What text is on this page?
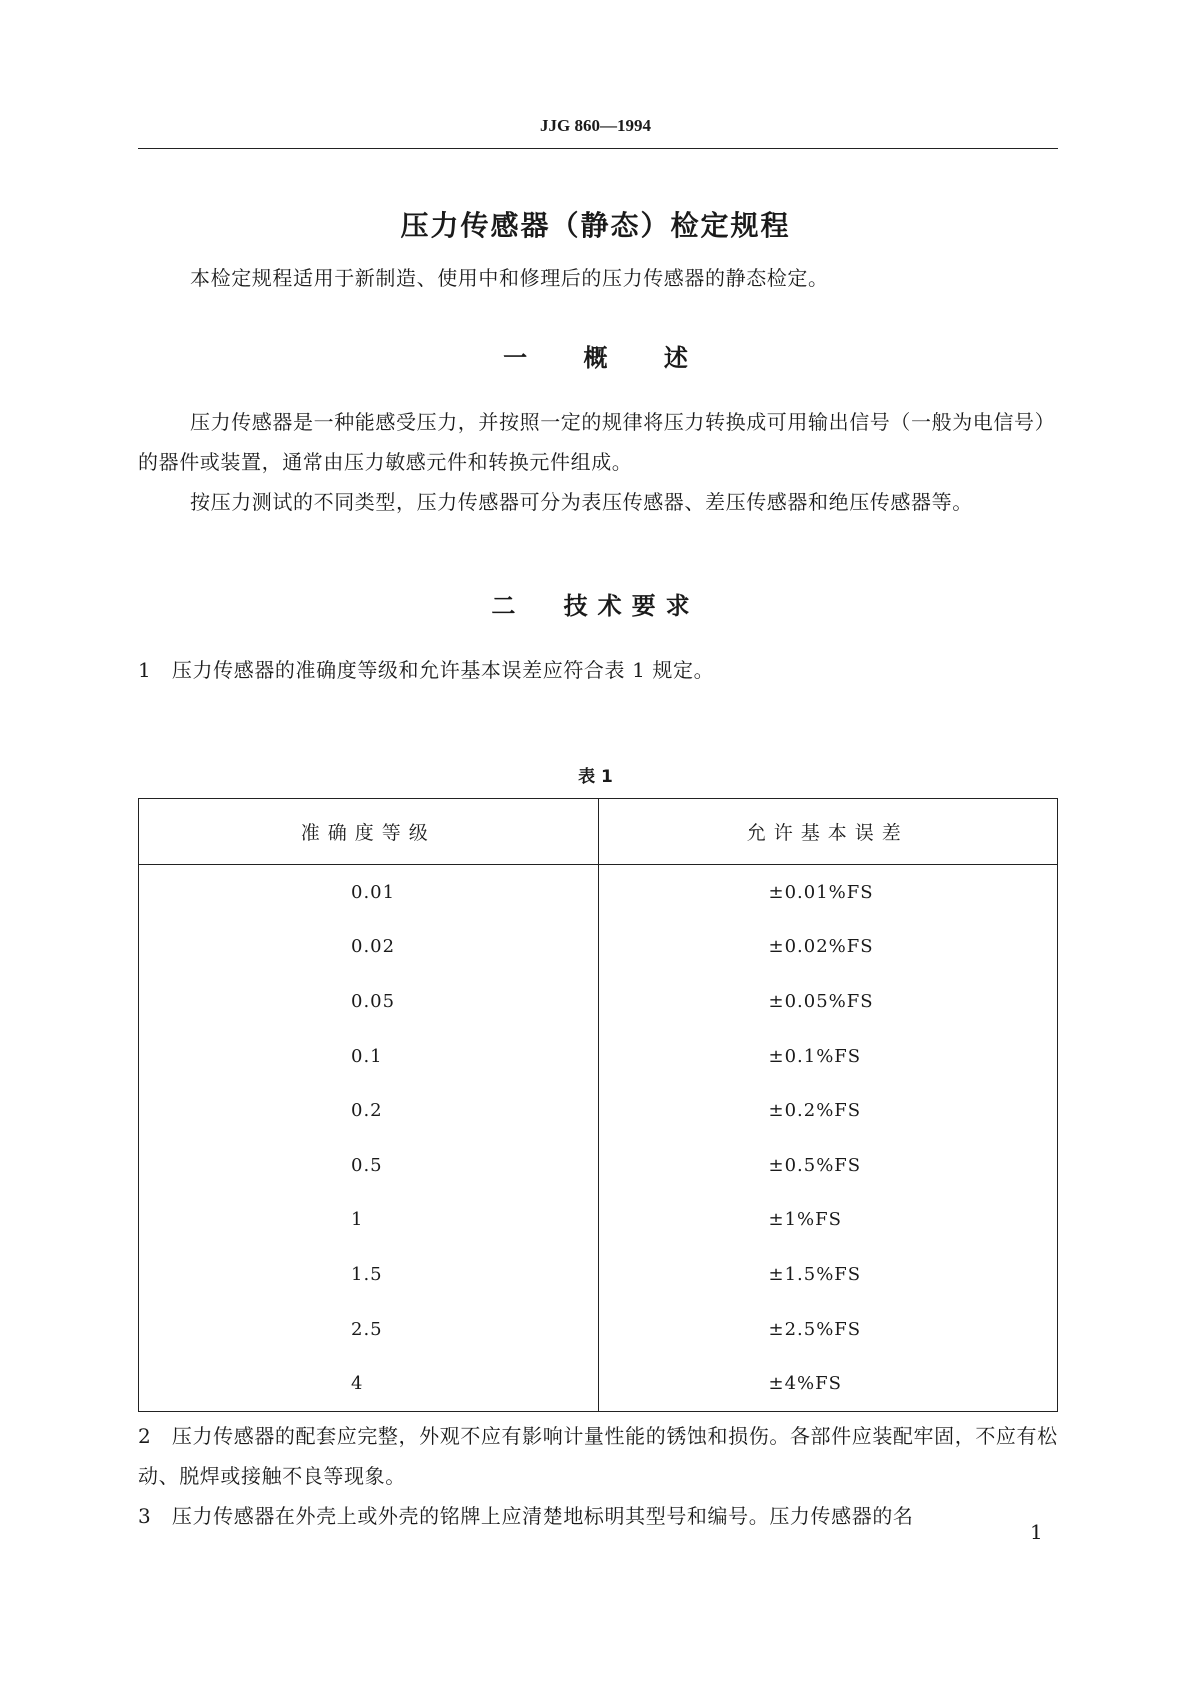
JJG 860—1994
压力传感器（静态）检定规程
本检定规程适用于新制造、使用中和修理后的压力传感器的静态检定。
一 概 述
压力传感器是一种能感受压力，并按照一定的规律将压力转换成可用输出信号（一般为电信号）的器件或装置，通常由压力敏感元件和转换元件组成。
按压力测试的不同类型，压力传感器可分为表压传感器、差压传感器和绝压传感器等。
二 技术要求
1　压力传感器的准确度等级和允许基本误差应符合表 1 规定。
表 1
准确度等级	允许基本误差
0.01	±0.01%FS
0.02	±0.02%FS
0.05	±0.05%FS
0.1	±0.1%FS
0.2	±0.2%FS
0.5	±0.5%FS
1	±1%FS
1.5	±1.5%FS
2.5	±2.5%FS
4	±4%FS
2　压力传感器的配套应完整，外观不应有影响计量性能的锈蚀和损伤。各部件应装配牢固，不应有松动、脱焊或接触不良等现象。
3　压力传感器在外壳上或外壳的铭牌上应清楚地标明其型号和编号。压力传感器的名
1
